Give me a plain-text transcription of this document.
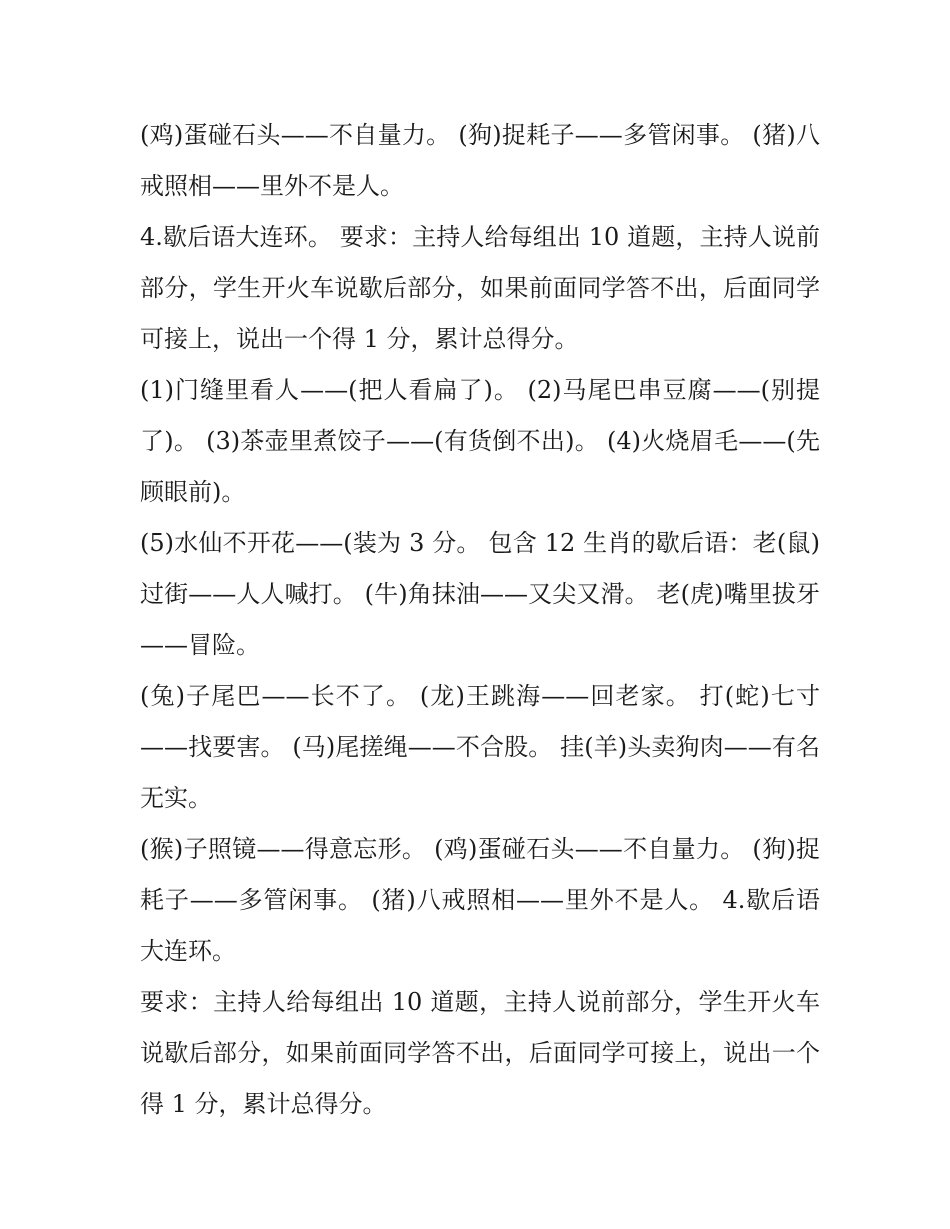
(鸡)蛋碰石头——不自量力。 (狗)捉耗子——多管闲事。 (猪)八戒照相——里外不是人。

4.歇后语大连环。 要求：主持人给每组出 10 道题，主持人说前部分，学生开火车说歇后部分，如果前面同学答不出，后面同学可接上，说出一个得 1 分，累计总得分。

(1)门缝里看人——(把人看扁了)。 (2)马尾巴串豆腐——(别提了)。 (3)茶壶里煮饺子——(有货倒不出)。 (4)火烧眉毛——(先顾眼前)。

(5)水仙不开花——(装为 3 分。 包含 12 生肖的歇后语：老(鼠)过街——人人喊打。 (牛)角抹油——又尖又滑。 老(虎)嘴里拔牙——冒险。

(兔)子尾巴——长不了。 (龙)王跳海——回老家。 打(蛇)七寸——找要害。 (马)尾搓绳——不合股。 挂(羊)头卖狗肉——有名无实。

(猴)子照镜——得意忘形。 (鸡)蛋碰石头——不自量力。 (狗)捉耗子——多管闲事。 (猪)八戒照相——里外不是人。 4.歇后语大连环。

要求：主持人给每组出 10 道题，主持人说前部分，学生开火车说歇后部分，如果前面同学答不出，后面同学可接上，说出一个得 1 分，累计总得分。
